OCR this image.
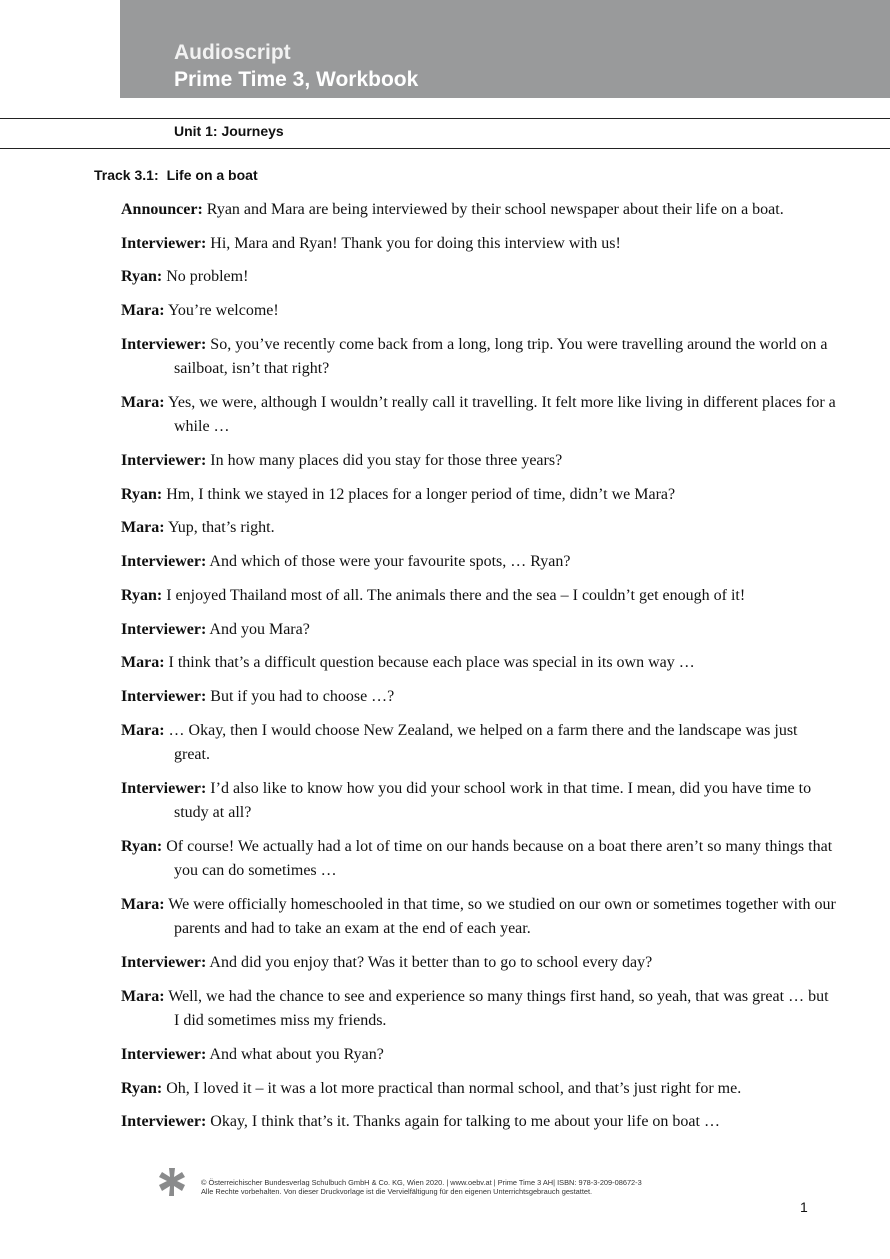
Audioscript
Prime Time 3, Workbook
Unit 1: Journeys
Track 3.1: Life on a boat
Announcer: Ryan and Mara are being interviewed by their school newspaper about their life on a boat.
Interviewer: Hi, Mara and Ryan! Thank you for doing this interview with us!
Ryan: No problem!
Mara: You’re welcome!
Interviewer: So, you’ve recently come back from a long, long trip. You were travelling around the world on a sailboat, isn’t that right?
Mara: Yes, we were, although I wouldn’t really call it travelling. It felt more like living in different places for a while …
Interviewer: In how many places did you stay for those three years?
Ryan: Hm, I think we stayed in 12 places for a longer period of time, didn’t we Mara?
Mara: Yup, that’s right.
Interviewer: And which of those were your favourite spots, … Ryan?
Ryan: I enjoyed Thailand most of all. The animals there and the sea – I couldn’t get enough of it!
Interviewer: And you Mara?
Mara: I think that’s a difficult question because each place was special in its own way …
Interviewer: But if you had to choose …?
Mara: … Okay, then I would choose New Zealand, we helped on a farm there and the landscape was just great.
Interviewer: I’d also like to know how you did your school work in that time. I mean, did you have time to study at all?
Ryan: Of course! We actually had a lot of time on our hands because on a boat there aren’t so many things that you can do sometimes …
Mara: We were officially homeschooled in that time, so we studied on our own or sometimes together with our parents and had to take an exam at the end of each year.
Interviewer: And did you enjoy that? Was it better than to go to school every day?
Mara: Well, we had the chance to see and experience so many things first hand, so yeah, that was great … but I did sometimes miss my friends.
Interviewer: And what about you Ryan?
Ryan: Oh, I loved it – it was a lot more practical than normal school, and that’s just right for me.
Interviewer: Okay, I think that’s it. Thanks again for talking to me about your life on boat …
© Österreichischer Bundesverlag Schulbuch GmbH & Co. KG, Wien 2020. | www.oebv.at | Prime Time 3 AH| ISBN: 978-3-209-08672-3
Alle Rechte vorbehalten. Von dieser Druckvorlage ist die Vervielfältigung für den eigenen Unterrichtsgebrauch gestattet.
1
